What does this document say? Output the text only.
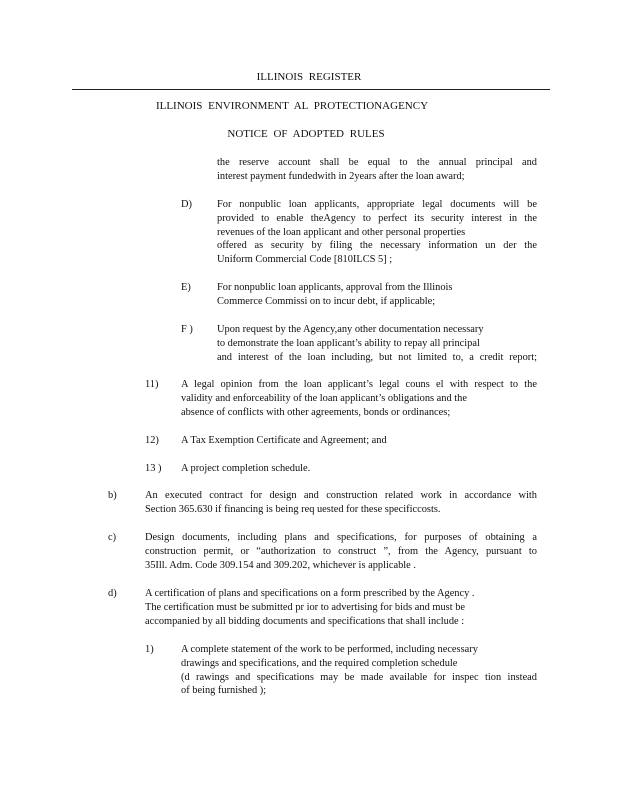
ILLINOIS REGISTER
ILLINOIS ENVIRONMENT AL PROTECTIONAGENCY
NOTICE OF ADOPTED RULES
the reserve account shall be equal to the annual principal and
interest payment fundedwith in 2years after the loan award;
D) For nonpublic loan applicants, appropriate legal documents will be
provided to enable theAgency to perfect its security interest in the
revenues of the loan applicant and other personal properties
offered as security by filing the necessary information un der the
Uniform Commercial Code [810ILCS 5] ;
E)	For nonpublic loan applicants, approval from the Illinois
Commerce Commissi on to incur debt, if applicable;
F ) Upon request by the Agency,any other documentation necessary
to demonstrate the loan applicant’s ability to repay all principal
and interest of the loan including, but not limited to, a credit report;
11) A legal opinion from the loan applicant’s legal couns el with respect to the
validity and enforceability of the loan applicant’s obligations and the
absence of conflicts with other agreements, bonds or ordinances;
12) A Tax Exemption Certificate and Agreement; and
13 ) A project completion schedule.
b)	An executed contract for design and construction related work in accordance with
Section 365.630 if financing is being req uested for these specificcosts.
c)	Design documents, including plans and specifications, for purposes of obtaining a
construction permit, or “authorization to construct ”, from the Agency, pursuant to
35Ill. Adm. Code 309.154 and 309.202, whichever is applicable .
d)	A certification of plans and specifications on a form prescribed by the Agency .
The certification must be submitted pr ior to advertising for bids and must be
accompanied by all bidding documents and specifications that shall include :
1)	A complete statement of the work to be performed, including necessary
drawings and specifications, and the required completion schedule
(d rawings and specifications may be made available for inspec tion instead
of being furnished );
